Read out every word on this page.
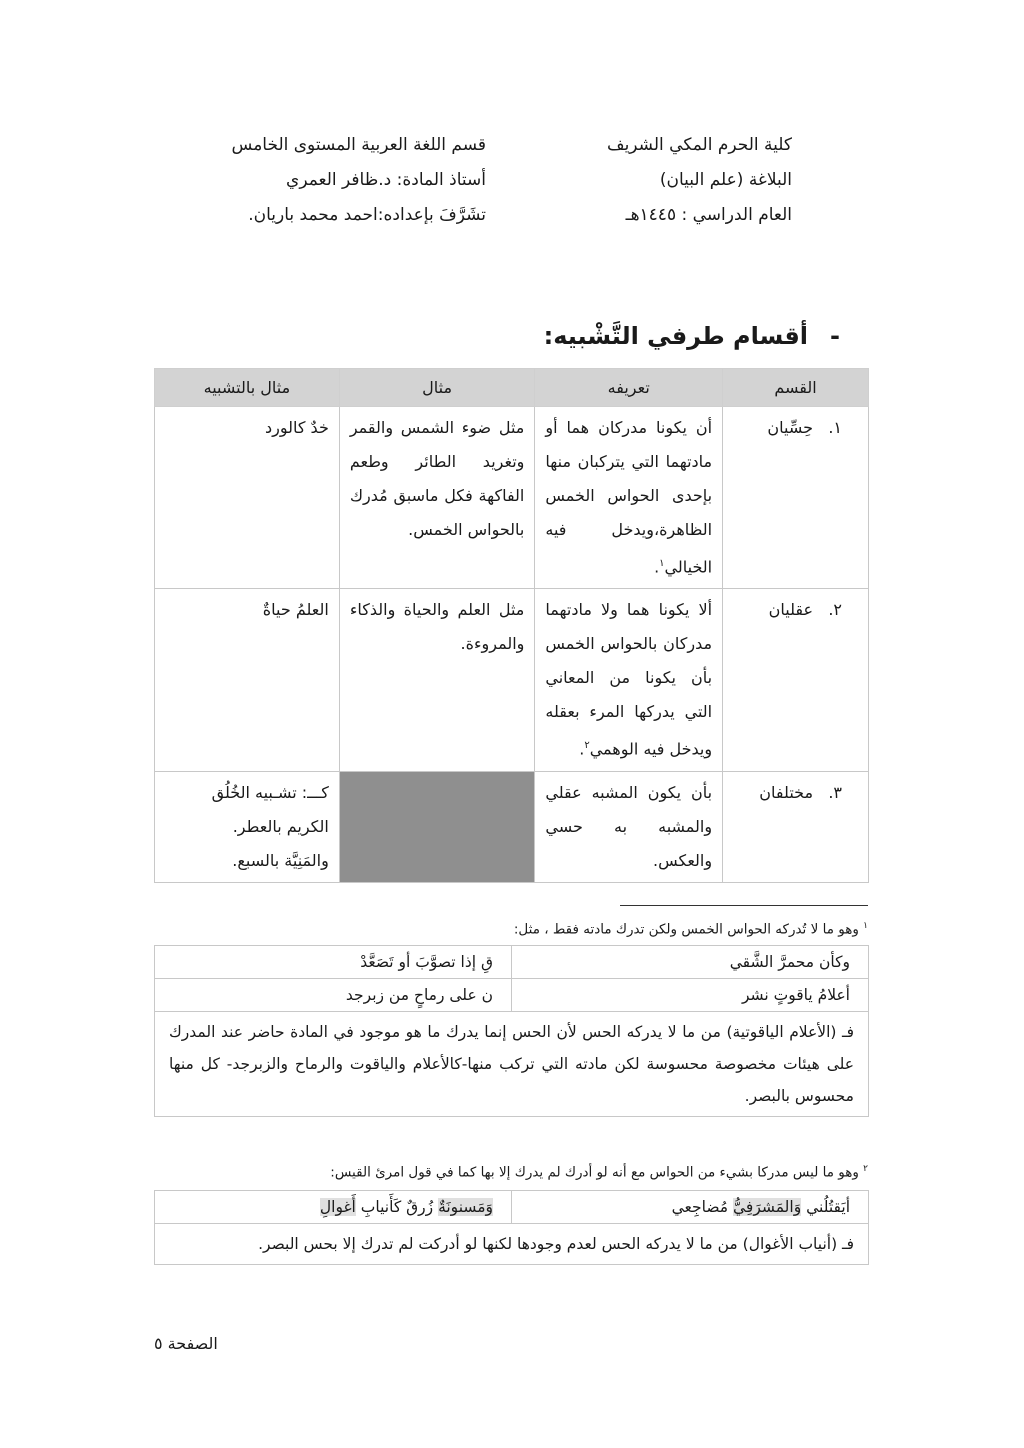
كلية الحرم المكي الشريف
البلاغة (علم البيان)
العام الدراسي : ١٤٤٥هـ
قسم اللغة العربية المستوى الخامس
أستاذ المادة: د.ظافر العمري
تشَرَّفَ بإعداده:احمد محمد باريان.
-أقسام طرفي التَّشْبيه:
القسم	تعريفه	مثال	مثال بالتشبيه
١.   حِسِّيان	أن يكونا مدركان هما أو مادتهما التي يتركبان منها بإحدى الحواس الخمس الظاهرة،ويدخل فيه الخيالي$^١$.	مثل ضوء الشمس والقمر وتغريد الطائر وطعم الفاكهة فكل ماسبق مُدرك بالحواس الخمس.	خدٌ كالورد
٢.   عقليان	ألا يكونا هما ولا مادتهما مدركان بالحواس الخمس بأن يكونا من المعاني التي يدركها المرء بعقله ويدخل فيه الوهمي$^٢$.	مثل العلم والحياة والذكاء والمروءة.	العلمُ حياةٌ
٣.   مختلفان	بأن يكون المشبه عقلي والمشبه به حسي والعكس.		كـــ: تشـبيه الخُلُق
الكريم بالعطر.
والمَنِيَّة بالسبع.
$^١$ وهو ما لا تُدركه الحواس الخمس ولكن تدرك مادته فقط ، مثل:
وكأن محمرَّ الشَّقي	قِ إذا تصوَّبَ أو تَصَعَّدْ
أعلامُ ياقوتٍ نشر	ن على رماحٍ من زبرجد
فـ (الأعلام الياقوتية) من ما لا يدركه الحس لأن الحس إنما يدرك ما هو موجود في المادة حاضر عند المدرك على هيئات مخصوصة محسوسة لكن مادته التي تركب منها-كالأعلام والياقوت والرماح والزبرجد- كل منها محسوس بالبصر.	
$^٢$ وهو ما ليس مدركا بشيء من الحواس مع أنه لو أدرك لم يدرك إلا بها كما في قول امرئ القيس:
أيَقتُلُني وَالمَشرَفِيُّ مُضاجِعي	وَمَسنونَةٌ زُرقٌ كَأَنيابِ أَغوالِ
فـ (أنياب الأغوال) من ما لا يدركه الحس لعدم وجودها لكنها لو أدركت لم تدرك إلا بحس البصر.
الصفحة ٥
